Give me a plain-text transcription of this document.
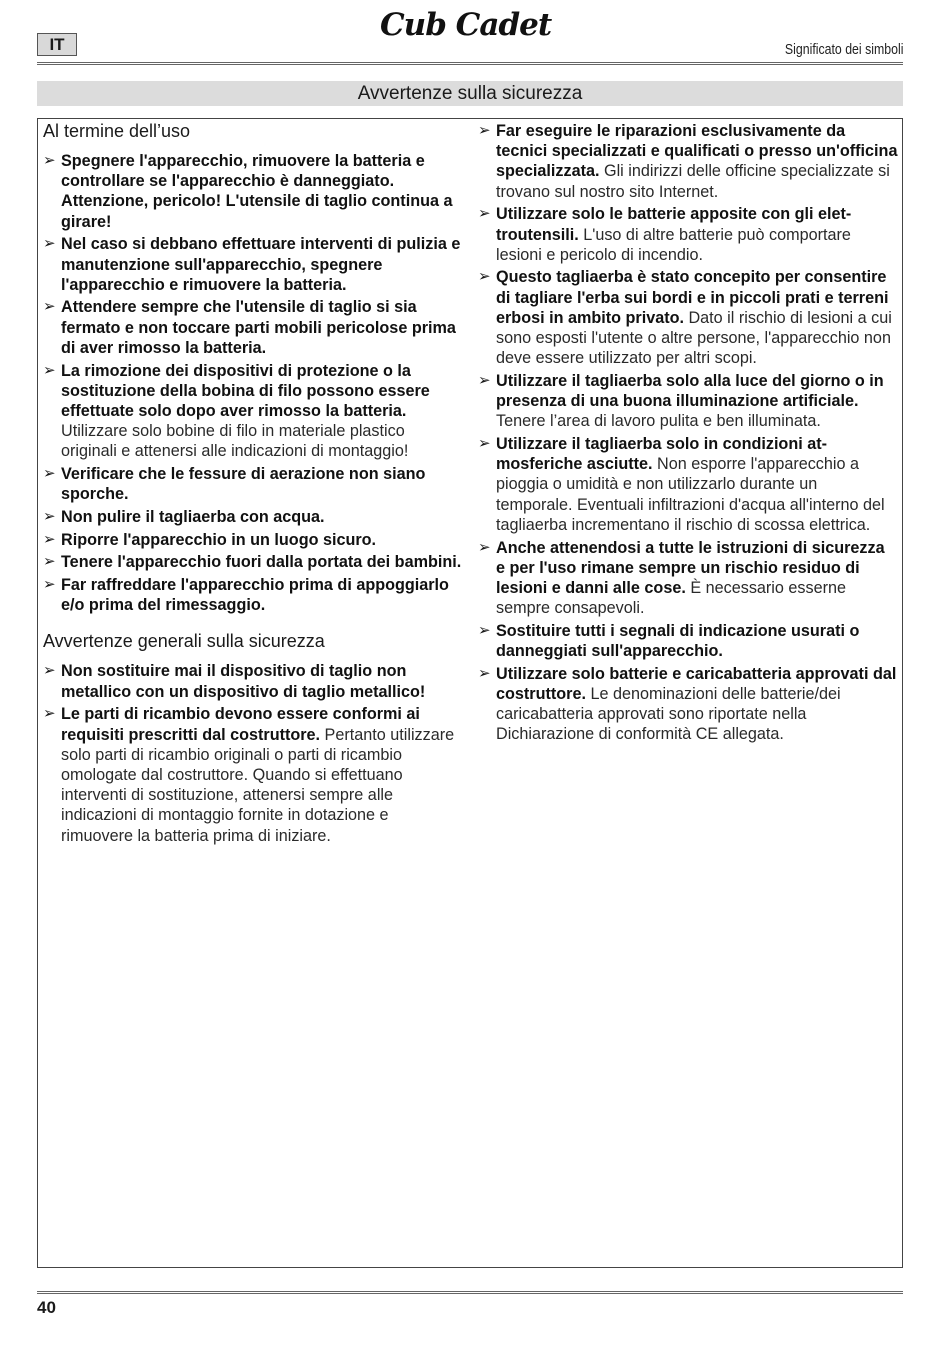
IT
Cub Cadet
Significato dei simboli
Avvertenze sulla sicurezza
Al termine dell’uso
➢ Spegnere l'apparecchio, rimuovere la batteria e controllare se l'apparecchio è danneggiato. Attenzione, pericolo! L'utensile di taglio continua a girare!
➢ Nel caso si debbano effettuare interventi di pulizia e manutenzione sull'apparecchio, spegnere l'apparecchio e rimuovere la batteria.
➢ Attendere sempre che l'utensile di taglio si sia fermato e non toccare parti mobili pericolose prima di aver rimosso la batteria.
➢ La rimozione dei dispositivi di protezione o la sostituzione della bobina di filo possono essere effettuate solo dopo aver rimosso la batteria. Utilizzare solo bobine di filo in materiale plastico originali e attenersi alle indicazioni di montaggio!
➢ Verificare che le fessure di aerazione non siano sporche.
➢ Non pulire il tagliaerba con acqua.
➢ Riporre l'apparecchio in un luogo sicuro.
➢ Tenere l'apparecchio fuori dalla portata dei bambini.
➢ Far raffreddare l'apparecchio prima di appoggiarlo e/o prima del rimessaggio.
Avvertenze generali sulla sicurezza
➢ Non sostituire mai il dispositivo di taglio non metallico con un dispositivo di taglio metallico!
➢ Le parti di ricambio devono essere conformi ai requisiti prescritti dal costruttore. Pertanto utilizzare solo parti di ricambio originali o parti di ricambio omologate dal costruttore. Quando si effettuano interventi di sostituzione, attenersi sempre alle indicazioni di montaggio fornite in dotazione e rimuovere la batteria prima di iniziare.
➢ Far eseguire le riparazioni esclusivamente da tecnici specializzati e qualificati o presso un'officina specializzata. Gli indirizzi delle officine specializzate si trovano sul nostro sito Internet.
➢ Utilizzare solo le batterie apposite con gli elettroutensili. L'uso di altre batterie può comportare lesioni e pericolo di incendio.
➢ Questo tagliaerba è stato concepito per consentire di tagliare l'erba sui bordi e in piccoli prati e terreni erbosi in ambito privato. Dato il rischio di lesioni a cui sono esposti l'utente o altre persone, l'apparecchio non deve essere utilizzato per altri scopi.
➢ Utilizzare il tagliaerba solo alla luce del giorno o in presenza di una buona illuminazione artificiale. Tenere l’area di lavoro pulita e ben illuminata.
➢ Utilizzare il tagliaerba solo in condizioni atmosferiche asciutte. Non esporre l'apparecchio a pioggia o umidità e non utilizzarlo durante un temporale. Eventuali infiltrazioni d'acqua all'interno del tagliaerba incrementano il rischio di scossa elettrica.
➢ Anche attenendosi a tutte le istruzioni di sicurezza e per l'uso rimane sempre un rischio residuo di lesioni e danni alle cose. È necessario esserne sempre consapevoli.
➢ Sostituire tutti i segnali di indicazione usurati o danneggiati sull'apparecchio.
➢ Utilizzare solo batterie e caricabatteria approvati dal costruttore. Le denominazioni delle batterie/dei caricabatteria approvati sono riportate nella Dichiarazione di conformità CE allegata.
40
